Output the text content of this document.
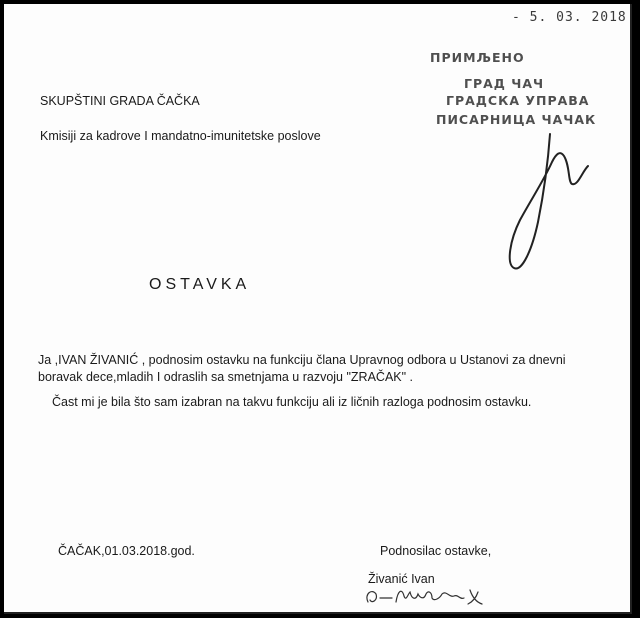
- 5. 03. 2018
ПРИМЉЕНО
ГРАД ЧАЧ
ГРАДСКА УПРАВА
ПИСАРНИЦА ЧАЧАК
SKUPŠTINI GRADA ČAČKA
Kmisiji za kadrove I mandatno-imunitetske poslove
OSTAVKA
Ja ,IVAN ŽIVANIĆ , podnosim ostavku na funkciju člana Upravnog odbora u Ustanovi za dnevni
boravak dece,mladih I odraslih sa smetnjama u razvoju "ZRAČAK" .
Čast mi je bila što sam izabran na takvu funkciju ali iz ličnih razloga podnosim ostavku.
ČAČAK,01.03.2018.god.	Podnosilac ostavke,
Živanić Ivan
